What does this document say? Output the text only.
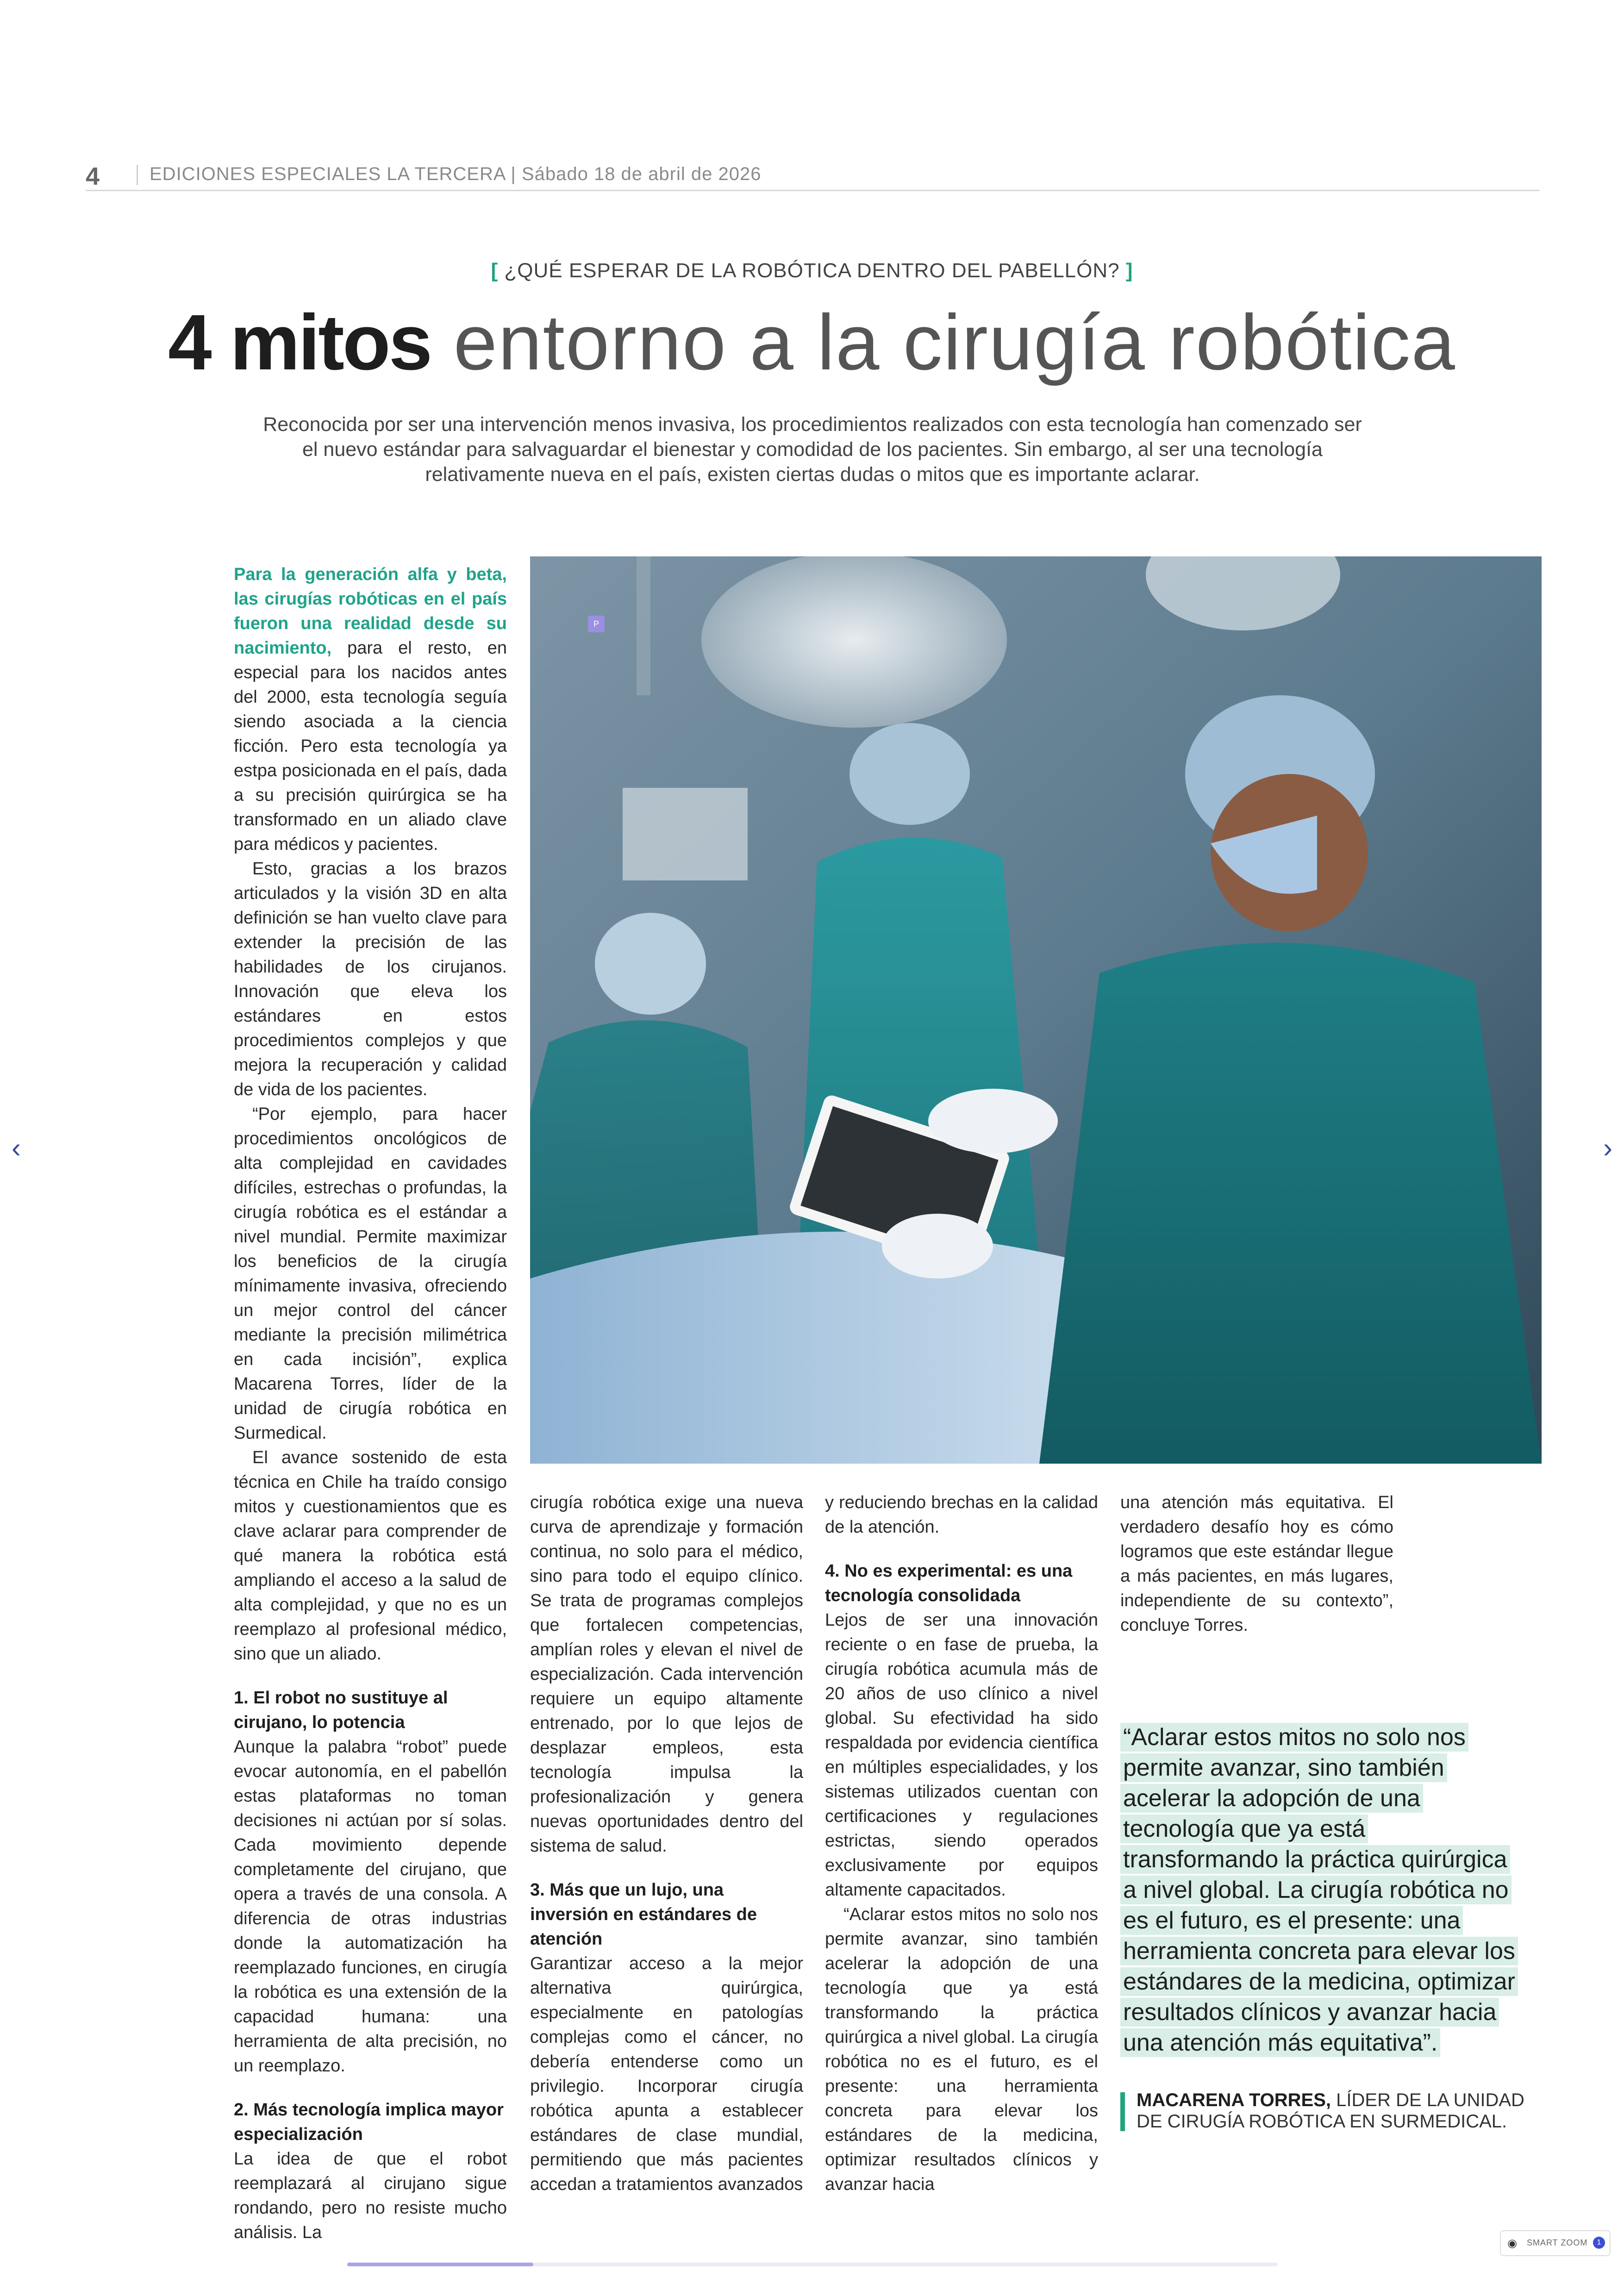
4	EDICIONES ESPECIALES LA TERCERA | Sábado 18 de abril de 2026
[ ¿QUÉ ESPERAR DE LA ROBÓTICA DENTRO DEL PABELLÓN? ]
4 mitos entorno a la cirugía robótica
Reconocida por ser una intervención menos invasiva, los procedimientos realizados con esta tecnología han comenzado ser el nuevo estándar para salvaguardar el bienestar y comodidad de los pacientes. Sin embargo, al ser una tecnología relativamente nueva en el país, existen ciertas dudas o mitos que es importante aclarar.
P

Para la generación alfa y beta, las cirugías robóticas en el país fueron una realidad desde su nacimiento, para el resto, en especial para los nacidos antes del 2000, esta tecnología seguía siendo asociada a la ciencia ficción. Pero esta tecnología ya estpa posicionada en el país, dada a su precisión quirúrgica se ha transformado en un aliado clave para médicos y pacientes.

Esto, gracias a los brazos articulados y la visión 3D en alta definición se han vuelto clave para extender la precisión de las habilidades de los cirujanos. Innovación que eleva los estándares en estos procedimientos complejos y que mejora la recuperación y calidad de vida de los pacientes.

“Por ejemplo, para hacer procedimientos oncológicos de alta complejidad en cavidades difíciles, estrechas o profundas, la cirugía robótica es el estándar a nivel mundial. Permite maximizar los beneficios de la cirugía mínimamente invasiva, ofreciendo un mejor control del cáncer mediante la precisión milimétrica en cada incisión”, explica Macarena Torres, líder de la unidad de cirugía robótica en Surmedical.

El avance sostenido de esta técnica en Chile ha traído consigo mitos y cuestionamientos que es clave aclarar para comprender de qué manera la robótica está ampliando el acceso a la salud de alta complejidad, y que no es un reemplazo al profesional médico, sino que un aliado.

1. El robot no sustituye al cirujano, lo potencia

Aunque la palabra “robot” puede evocar autonomía, en el pabellón estas plataformas no toman decisiones ni actúan por sí solas. Cada movimiento depende completamente del cirujano, que opera a través de una consola. A diferencia de otras industrias donde la automatización ha reemplazado funciones, en cirugía la robótica es una extensión de la capacidad humana: una herramienta de alta precisión, no un reemplazo.

2. Más tecnología implica mayor especialización

La idea de que el robot reemplazará al cirujano sigue rondando, pero no resiste mucho análisis. La

cirugía robótica exige una nueva curva de aprendizaje y formación continua, no solo para el médico, sino para todo el equipo clínico. Se trata de programas complejos que fortalecen competencias, amplían roles y elevan el nivel de especialización. Cada intervención requiere un equipo altamente entrenado, por lo que lejos de desplazar empleos, esta tecnología impulsa la profesionalización y genera nuevas oportunidades dentro del sistema de salud.

3. Más que un lujo, una inversión en estándares de atención

Garantizar acceso a la mejor alternativa quirúrgica, especialmente en patologías complejas como el cáncer, no debería entenderse como un privilegio. Incorporar cirugía robótica apunta a establecer estándares de clase mundial, permitiendo que más pacientes accedan a tratamientos avanzados

y reduciendo brechas en la calidad de la atención.

4. No es experimental: es una tecnología consolidada

Lejos de ser una innovación reciente o en fase de prueba, la cirugía robótica acumula más de 20 años de uso clínico a nivel global. Su efectividad ha sido respaldada por evidencia científica en múltiples especialidades, y los sistemas utilizados cuentan con certificaciones y regulaciones estrictas, siendo operados exclusivamente por equipos altamente capacitados.

“Aclarar estos mitos no solo nos permite avanzar, sino también acelerar la adopción de una tecnología que ya está transformando la práctica quirúrgica a nivel global. La cirugía robótica no es el futuro, es el presente: una herramienta concreta para elevar los estándares de la medicina, optimizar resultados clínicos y avanzar hacia

una atención más equitativa. El verdadero desafío hoy es cómo logramos que este estándar llegue a más pacientes, en más lugares, independiente de su contexto”, concluye Torres.

“Aclarar estos mitos no solo nos permite avanzar, sino también acelerar la adopción de una tecnología que ya está transformando la práctica quirúrgica a nivel global. La cirugía robótica no es el futuro, es el presente: una herramienta concreta para elevar los estándares de la medicina, optimizar resultados clínicos y avanzar hacia una atención más equitativa”.
MACARENA TORRES, LÍDER DE LA UNIDAD DE CIRUGÍA ROBÓTICA EN SURMEDICAL.
‹	›
◉ SMART ZOOM	1
